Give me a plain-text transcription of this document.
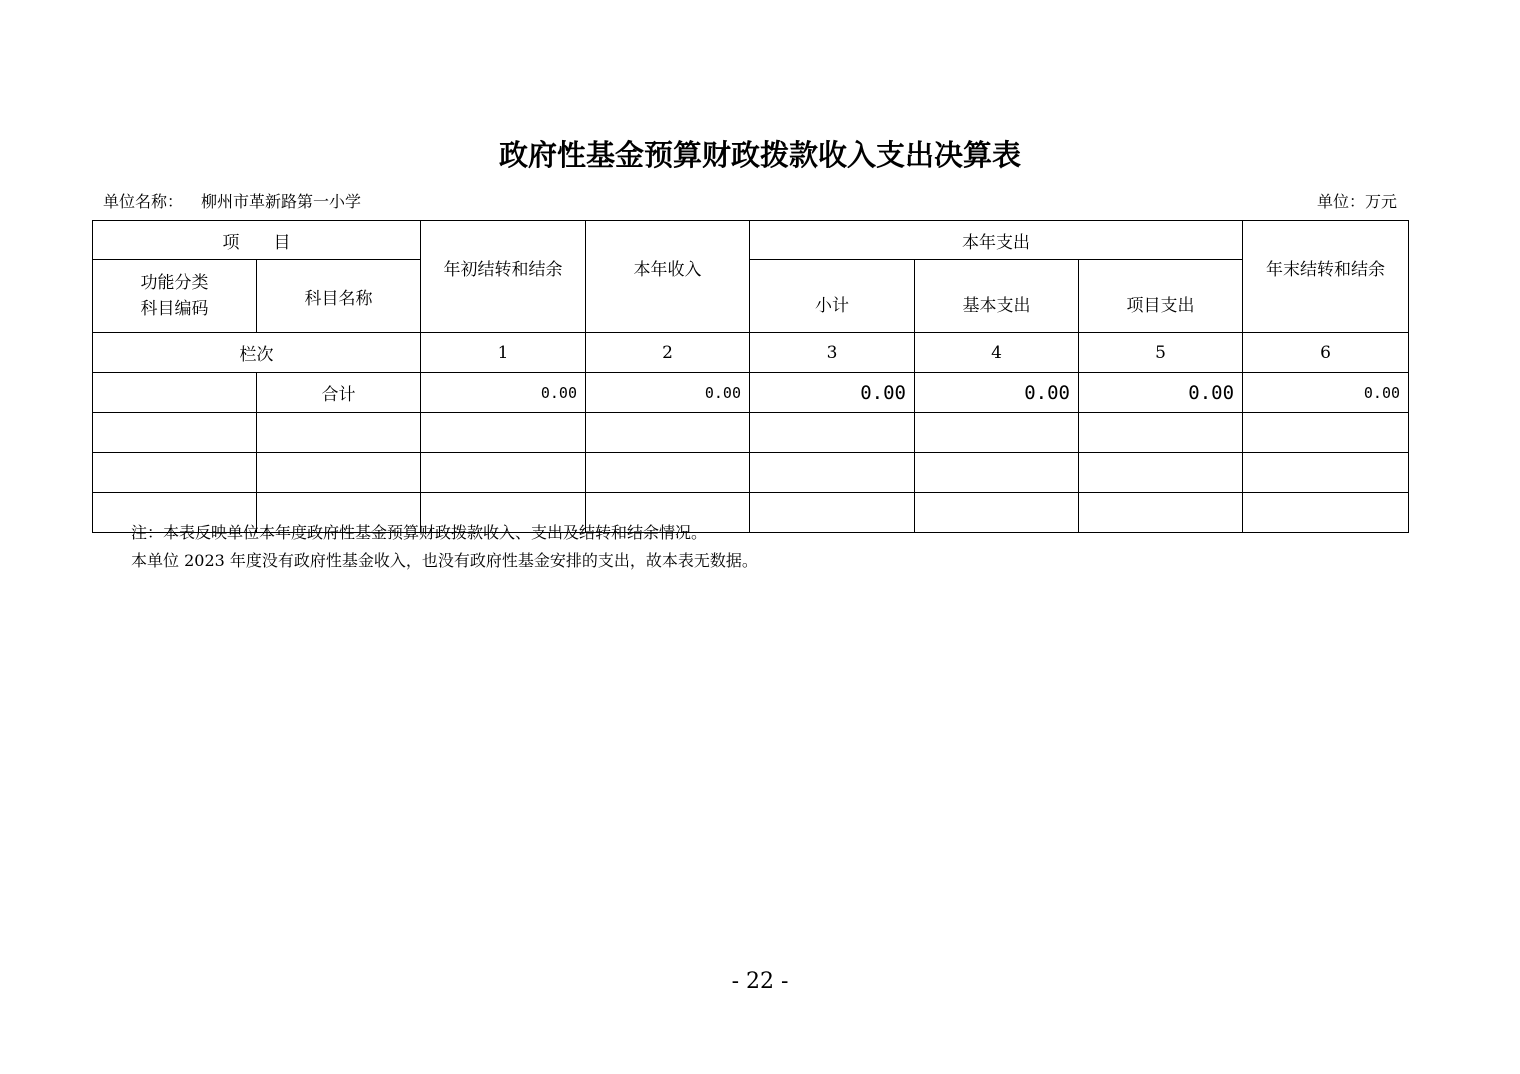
政府性基金预算财政拨款收入支出决算表
单位名称： 柳州市革新路第一小学	单位：万元
项　　目		年初结转和结余	本年收入	本年支出			年末结转和结余

功能分类
科目编码	科目名称			小计	基本支出	项目支出	
栏次		1	2	3	4	5	6
	合计	0.00	0.00	0.00	0.00	0.00	0.00

注：本表反映单位本年度政府性基金预算财政拨款收入、支出及结转和结余情况。
本单位 2023 年度没有政府性基金收入，也没有政府性基金安排的支出，故本表无数据。
- 22 -
